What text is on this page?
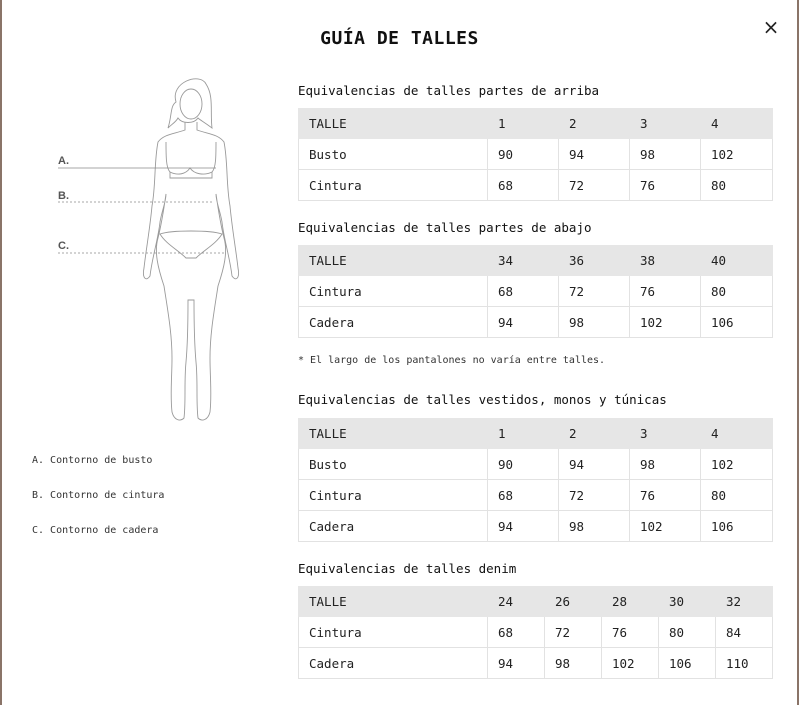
GUÍA DE TALLES	×
A.
B.
C.
A. Contorno de busto
B. Contorno de cintura
C. Contorno de cadera
Equivalencias de talles partes de arriba
TALLE	1	2	3	4
Busto	90	94	98	102
Cintura	68	72	76	80
Equivalencias de talles partes de abajo
TALLE	34	36	38	40
Cintura	68	72	76	80
Cadera	94	98	102	106
* El largo de los pantalones no varía entre talles.
Equivalencias de talles vestidos, monos y túnicas
TALLE	1	2	3	4
Busto	90	94	98	102
Cintura	68	72	76	80
Cadera	94	98	102	106
Equivalencias de talles denim
TALLE	24	26	28	30	32
Cintura	68	72	76	80	84
Cadera	94	98	102	106	110
